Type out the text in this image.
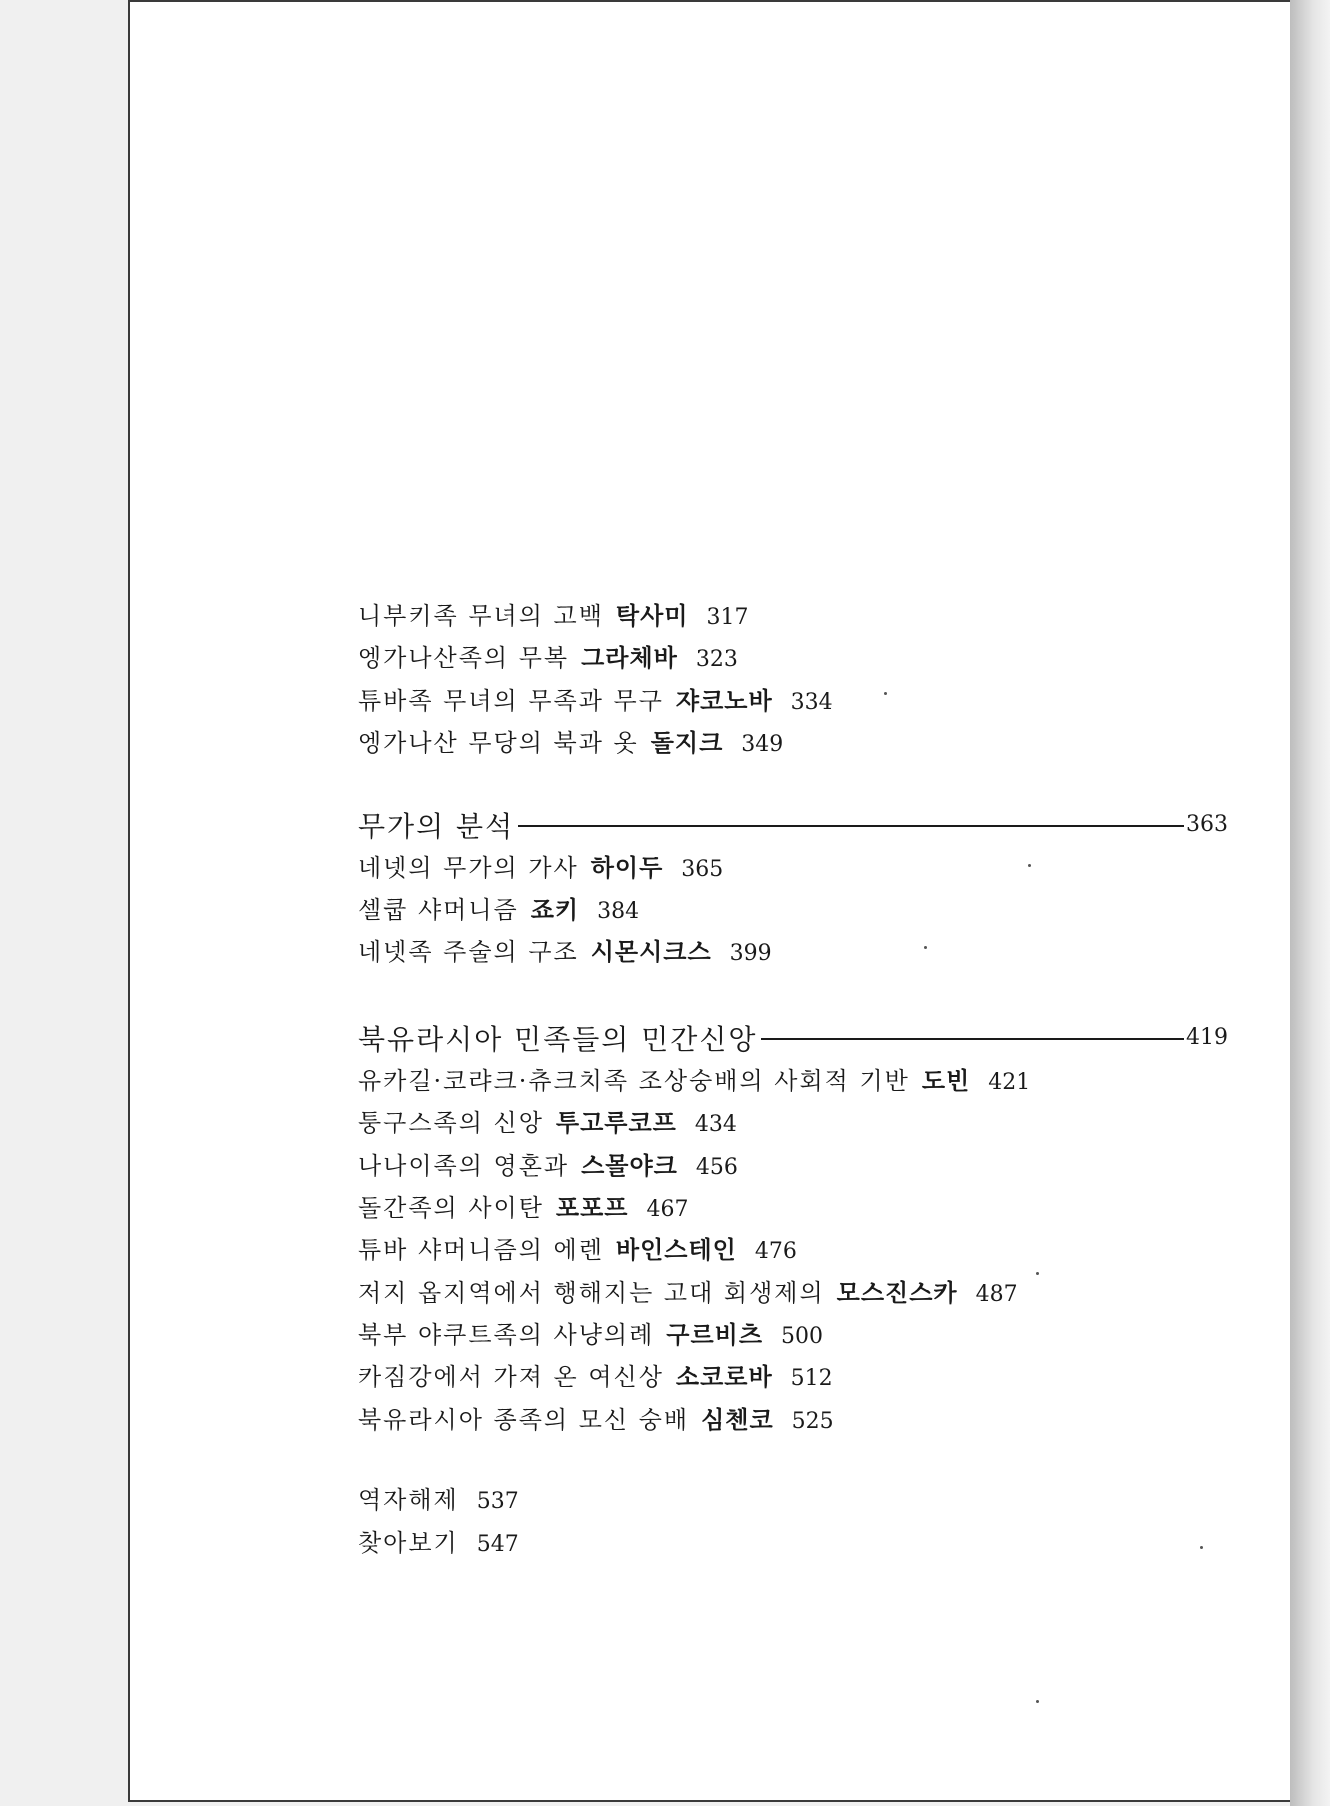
니부키족 무녀의 고백 탁사미 317
엥가나산족의 무복 그라체바 323
튜바족 무녀의 무족과 무구 쟈코노바 334
엥가나산 무당의 북과 옷 돌지크 349
무가의 분석	363
네넷의 무가의 가사 하이두 365
셀쿱 샤머니즘 죠키 384
네넷족 주술의 구조 시몬시크스 399
북유라시아 민족들의 민간신앙	419
유카길·코랴크·츄크치족 조상숭배의 사회적 기반 도빈 421
퉁구스족의 신앙 투고루코프 434
나나이족의 영혼과 스몰야크 456
돌간족의 사이탄 포포프 467
튜바 샤머니즘의 에렌 바인스테인 476
저지 옵지역에서 행해지는 고대 회생제의 모스진스카 487
북부 야쿠트족의 사냥의례 구르비츠 500
카짐강에서 가져 온 여신상 소코로바 512
북유라시아 종족의 모신 숭배 심첸코 525
역자해제 537
찾아보기 547
